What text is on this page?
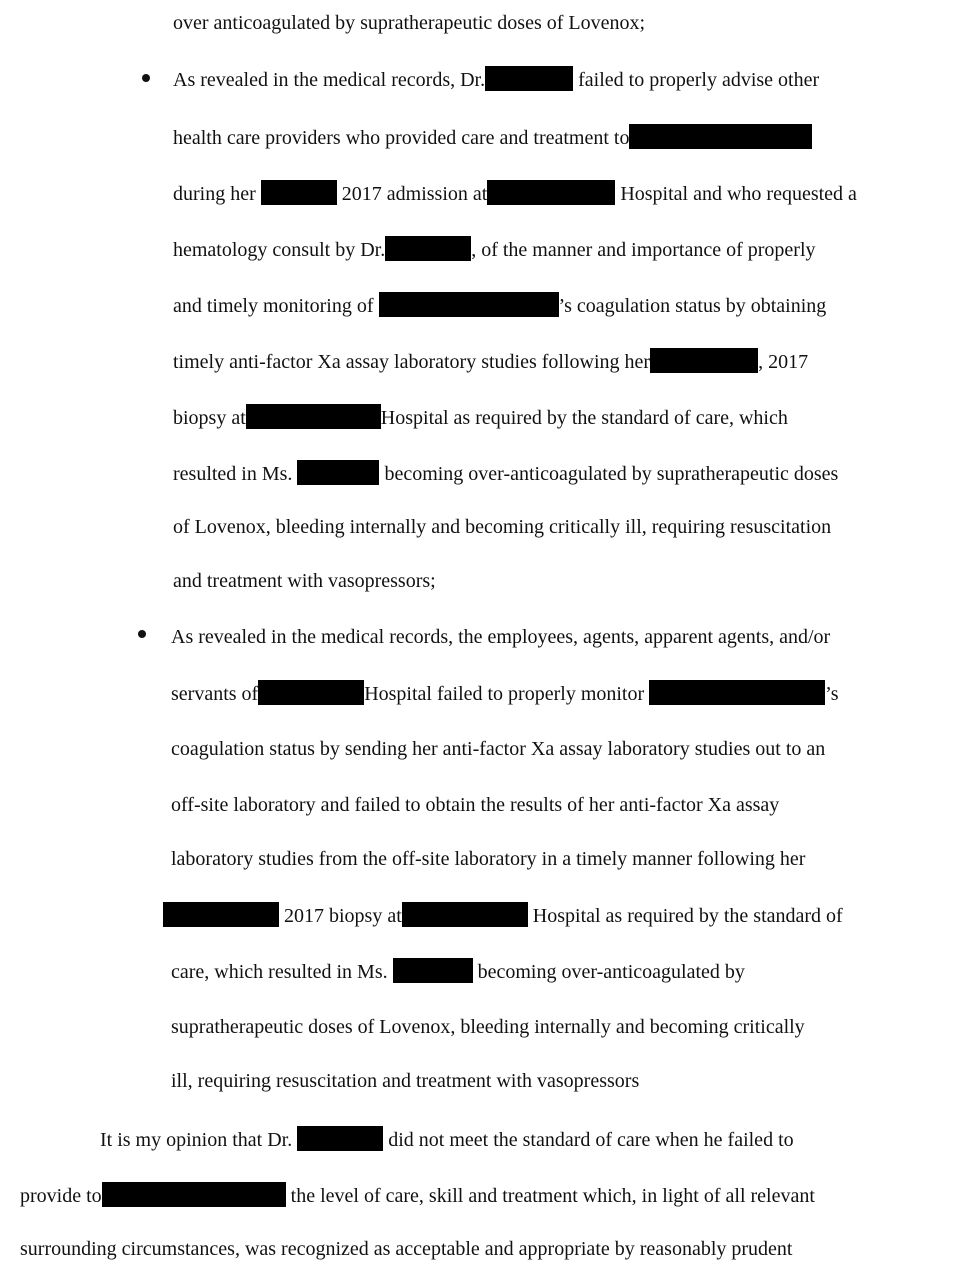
over anticoagulated by supratherapeutic doses of Lovenox;
As revealed in the medical records, Dr.	failed to properly advise other
health care providers who provided care and treatment to
during her	2017 admission at	Hospital and who requested a
hematology consult by Dr.	, of the manner and importance of properly
and timely monitoring of	’s coagulation status by obtaining
timely anti-factor Xa assay laboratory studies following her	, 2017
biopsy at	Hospital as required by the standard of care, which
resulted in Ms.	becoming over-anticoagulated by supratherapeutic doses
of Lovenox, bleeding internally and becoming critically ill, requiring resuscitation
and treatment with vasopressors;
As revealed in the medical records, the employees, agents, apparent agents, and/or
servants of	Hospital failed to properly monitor	’s
coagulation status by sending her anti-factor Xa assay laboratory studies out to an
off-site laboratory and failed to obtain the results of her anti-factor Xa assay
laboratory studies from the off-site laboratory in a timely manner following her
2017 biopsy at	Hospital as required by the standard of
care, which resulted in Ms.	becoming over-anticoagulated by
supratherapeutic doses of Lovenox, bleeding internally and becoming critically
ill, requiring resuscitation and treatment with vasopressors
It is my opinion that Dr.	did not meet the standard of care when he failed to
provide to	the level of care, skill and treatment which, in light of all relevant
surrounding circumstances, was recognized as acceptable and appropriate by reasonably prudent
